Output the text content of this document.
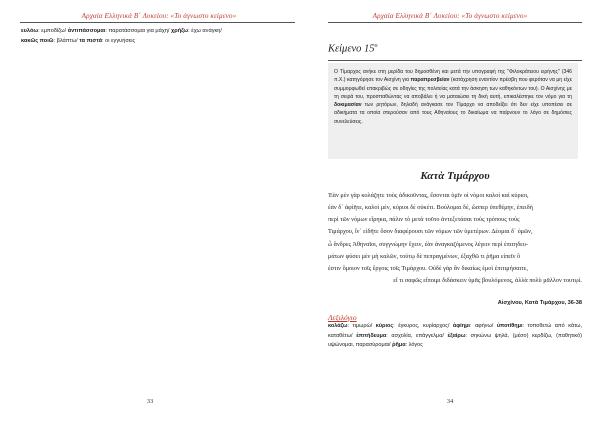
Αρχαία Ελληνικά Β΄ Λυκείου: «Το άγνωστο κείμενο»
ευλόω: εμποδίζω/ ἀντιπάσσομαι: παρατάσσομαι για μάχη/ χρήζω: έχω ανάγκη/
κακῶς ποιῶ: βλάπτω/ τα πιστά: οι εγγυήσεις
33
Αρχαία Ελληνικά Β΄ Λυκείου: «Το άγνωστο κείμενο»
Κείμενο $15^o$
Ο Τίμαρχος ανήκε στη μερίδα του δημοσθένη και μετά την υπογραφή της "Φιλοκράτειου ειρήνης" (346 π.Χ.) κατηγόρησε τον Αισχίνη για παραπρεσβείαν (κατάχρηση εναντίον πρέσβη που φερόταν να μη είχε συμμορφωθεί επακριβώς σε οδηγίες της πολιτείας κατά την άσκηση των καθηκόντων του). Ο Αισχίνης με τη σειρά του, προσπαθώντας να αποβάλει ή να ματαιώσει τη δική αυτή, επικαλέστηκε τον νόμο για τη δοκιμασίαν των ρητόρων, δηλαδή ανάγκασε τον Τίμαρχο να αποδείξει ότι δεν είχε υποπέσει σε αδικήματα τα οποία στερούσαν από τους Αθηναίους το δικαίωμα να παίρνουν το λόγο σε δημόσιες συνελεύσεις.
Κατὰ Τιμάρχου
Ἐὰν μὲν γὰρ κολάζητε τοὺς ἀδικοῦντας, ἔσονται ὑμῖν οἱ νόμοι καλοὶ καὶ κύριοι,
ἐὰν δ᾽ ἀφίῆτε, καλοὶ μέν, κύριοι δὲ οὐκέτι. Βούλομαι δέ, ὥσπερ ὑπεθέμην, ἐπειδὴ
περὶ τῶν νόμων εἴρηκα, πάλιν τὸ μετὰ τοῦτο ἀντεξετάσαι τοὺς τρόπους τοὺς
Τιμάρχου, ἵν᾽ εἰδῆτε ὅσον διαφέρουσι τῶν νόμων τῶν ὑμετέρων. Δέομαι δ᾽ ὑμῶν,
ὦ ἄνδρες Ἀθηναῖοι, συγγνώμην ἔχειν, ἐὰν ἀναγκαζόμενος λέγειν περὶ ἐπιτηδευ-
μάτων φύσει μὲν μὴ καλῶν, τούτῳ δὲ πεπραγμένων, ἐξαχθῶ τι ῥῆμα εἰπεῖν ὃ
ἐστιν ὅμοιον τοῖς ἔργοις τοῖς Τιμάρχου. Οὐδὲ γὰρ ἂν δικαίως ἐμοὶ ἐπιτιμήσαιτε,
εἴ τι σαφῶς εἴποιμι διδάσκειν ὑμᾶς βουλόμενος, ἀλλὰ πολὺ μᾶλλον τουτῳί.
Αἰσχίνου, Κατὰ Τιμάρχου, 36-38
Λεξιλόγιο
κολάζω: τιμωρώ/ κύριος: έγκυρος, κυρίαρχος/ ἀφίημι: αφήνω/ ὑποτίθημι: τοποθετώ από κάτω, καταθέτω/ ἐπιτήδευμα: ασχολία, επάγγελμα/ ἐξαίρω: σηκώνω ψηλά, (μέσο) κερδίζω, (παθητικό) υψώνομαι, παρασύρομαι/ ῥῆμα: λόγος
34
